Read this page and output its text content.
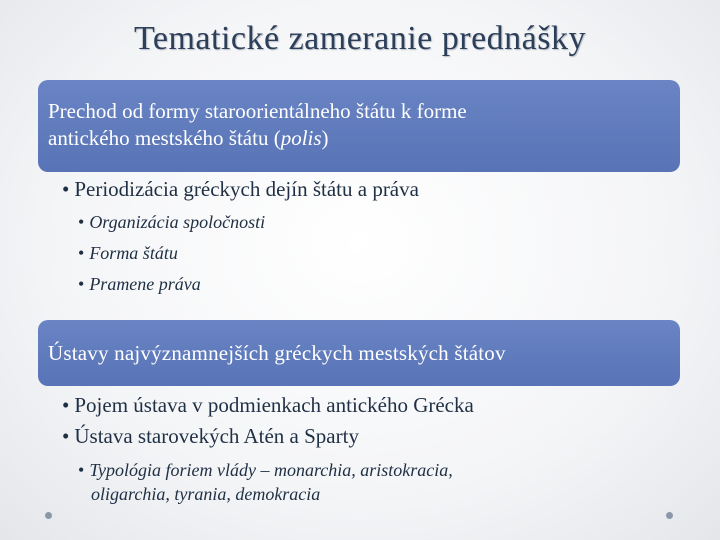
Tematické zameranie prednášky
Prechod od formy staroorientálneho štátu k forme
antického mestského štátu (polis)
• Periodizácia gréckych dejín štátu a práva
• Organizácia spoločnosti
• Forma štátu
• Pramene práva
Ústavy najvýznamnejších gréckych mestských štátov
• Pojem ústava v podmienkach antického Grécka
• Ústava starovekých Atén a Sparty
• Typológia foriem vlády – monarchia, aristokracia,
oligarchia, tyrania, demokracia
